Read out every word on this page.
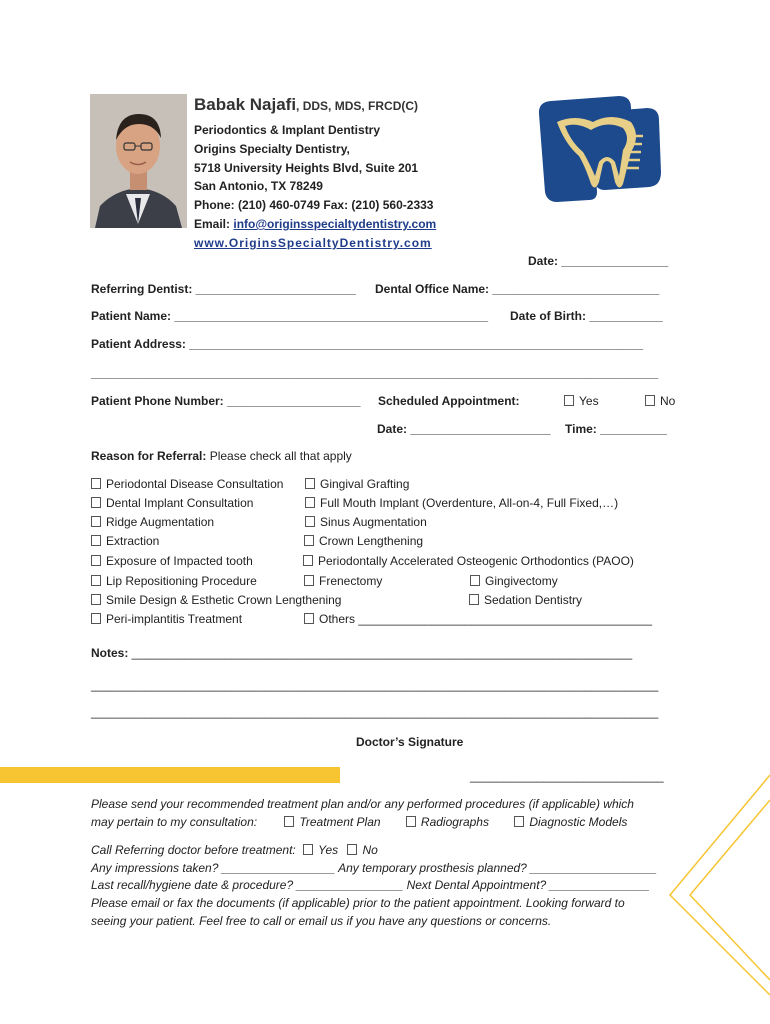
Babak Najafi, DDS, MDS, FRCD(C)
Periodontics & Implant Dentistry
Origins Specialty Dentistry,
5718 University Heights Blvd, Suite 201
San Antonio, TX 78249
Phone: (210) 460-0749 Fax: (210) 560-2333
Email: info@originsspecialtydentistry.com
www.OriginsSpecialtyDentistry.com
Date: ________________
Referring Dentist: ________________________ Dental Office Name: _________________________
Patient Name: _______________________________________________ Date of Birth: ___________
Patient Address: ____________________________________________________________________
_____________________________________________________________________________________
Patient Phone Number: ____________________ Scheduled Appointment:	Yes	No
Date: _____________________ Time: __________
Reason for Referral: Please check all that apply
Periodontal Disease Consultation	Gingival Grafting
Dental Implant Consultation	Full Mouth Implant (Overdenture, All-on-4, Full Fixed,…)
Ridge Augmentation	Sinus Augmentation
Extraction	Crown Lengthening
Exposure of Impacted tooth	Periodontally Accelerated Osteogenic Orthodontics (PAOO)
Lip Repositioning Procedure	Frenectomy	Gingivectomy
Smile Design & Esthetic Crown Lengthening	Sedation Dentistry
Peri-implantitis Treatment	Others ____________________________________________
Notes: ___________________________________________________________________________
_____________________________________________________________________________________
_____________________________________________________________________________________
Doctor’s Signature
_____________________________
Please send your recommended treatment plan and/or any performed procedures (if applicable) which
may pertain to my consultation:	Treatment Plan	Radiographs	Diagnostic Models
Call Referring doctor before treatment: Yes No
Any impressions taken? _________________ Any temporary prosthesis planned? ___________________
Last recall/hygiene date & procedure? ________________ Next Dental Appointment? _______________
Please email or fax the documents (if applicable) prior to the patient appointment. Looking forward to
seeing your patient. Feel free to call or email us if you have any questions or concerns.
